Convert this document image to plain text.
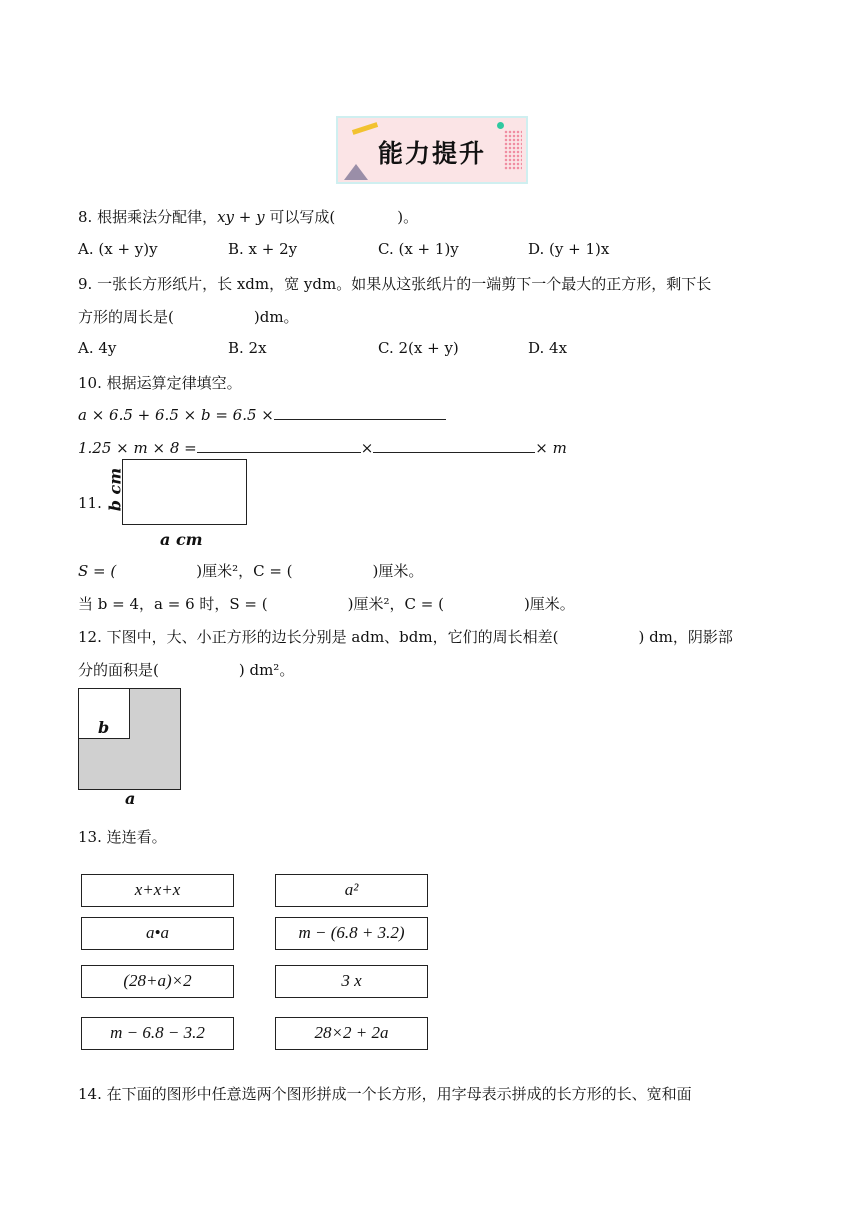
能力提升
8. 根据乘法分配律，xy + y 可以写成(	)。
A. (x + y)y	B. x + 2y	C. (x + 1)y	D. (y + 1)x
9. 一张长方形纸片，长 xdm，宽 ydm。如果从这张纸片的一端剪下一个最大的正方形，剩下长
方形的周长是(	)dm。
A. 4y	B. 2x	C. 2(x + y)	D. 4x
10. 根据运算定律填空。
a × 6.5 + 6.5 × b = 6.5 ×
1.25 × m × 8 =	×	× m
11. b cm
a cm
S = (	)厘米²，C = (	)厘米。
当 b = 4，a = 6 时，S = (	)厘米²，C = (	)厘米。
12. 下图中，大、小正方形的边长分别是 adm、bdm，它们的周长相差(	) dm，阴影部
分的面积是(	) dm²。
b
a
13. 连连看。
x+x+x
a•a
(28+a)×2
m − 6.8 − 3.2
a²
m − (6.8 + 3.2)
3 x
28×2 + 2a
14. 在下面的图形中任意选两个图形拼成一个长方形，用字母表示拼成的长方形的长、宽和面
